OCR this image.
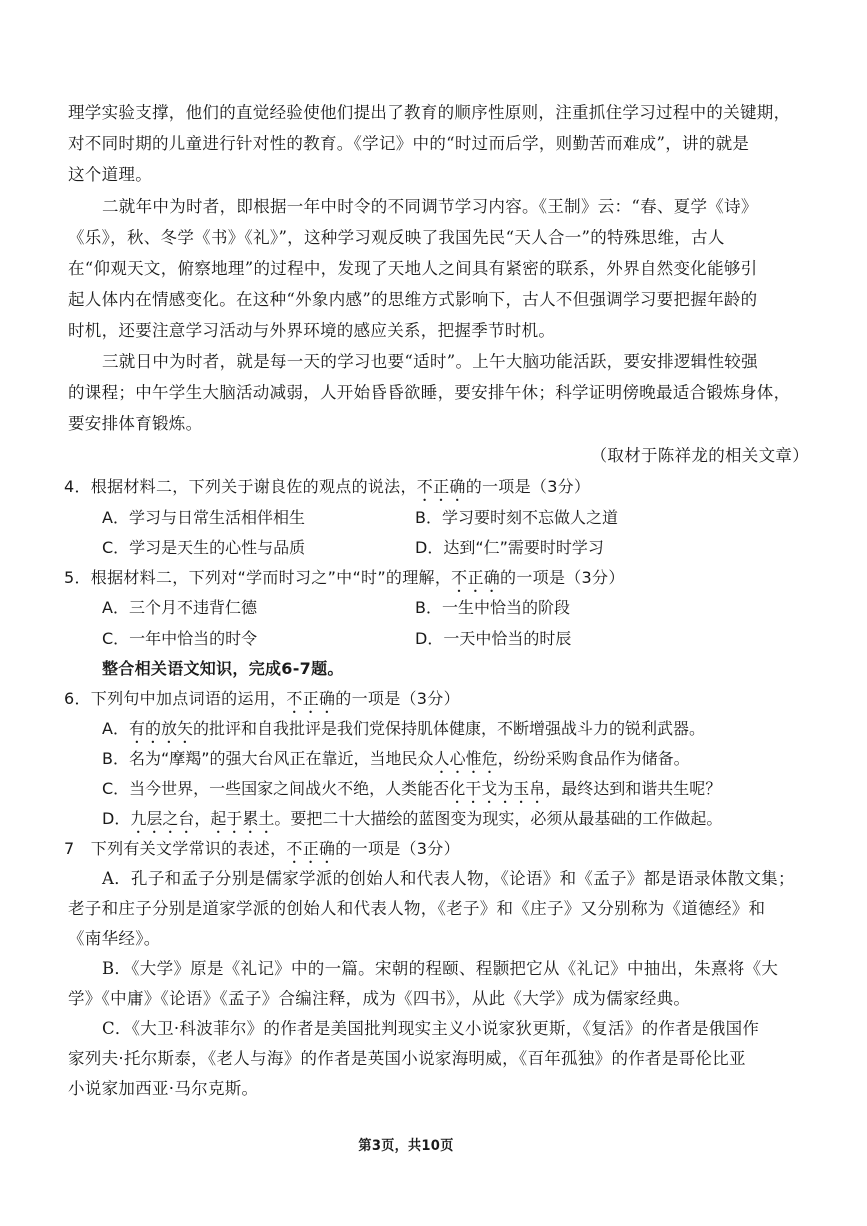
理学实验支撑，他们的直觉经验使他们提出了教育的顺序性原则，注重抓住学习过程中的关键期，
对不同时期的儿童进行针对性的教育。《学记》中的“时过而后学，则勤苦而难成”，讲的就是
这个道理。
二就年中为时者，即根据一年中时令的不同调节学习内容。《王制》云：“春、夏学《诗》
《乐》，秋、冬学《书》《礼》”，这种学习观反映了我国先民“天人合一”的特殊思维，古人
在“仰观天文，俯察地理”的过程中，发现了天地人之间具有紧密的联系，外界自然变化能够引
起人体内在情感变化。在这种“外象内感”的思维方式影响下，古人不但强调学习要把握年龄的
时机，还要注意学习活动与外界环境的感应关系，把握季节时机。
三就日中为时者，就是每一天的学习也要“适时”。上午大脑功能活跃，要安排逻辑性较强
的课程；中午学生大脑活动减弱，人开始昏昏欲睡，要安排午休；科学证明傍晚最适合锻炼身体，
要安排体育锻炼。
（取材于陈祥龙的相关文章）
4．根据材料二，下列关于谢良佐的观点的说法，不正确的一项是（3分）
A．学习与日常生活相伴相生	B．学习要时刻不忘做人之道
C．学习是天生的心性与品质	D．达到“仁”需要时时学习
5．根据材料二，下列对“学而时习之”中“时”的理解，不正确的一项是（3分）
A．三个月不违背仁德	B．一生中恰当的阶段
C．一年中恰当的时令	D．一天中恰当的时辰
整合相关语文知识，完成6-7题。
6．下列句中加点词语的运用，不正确的一项是（3分）
A．有的放矢的批评和自我批评是我们党保持肌体健康，不断增强战斗力的锐利武器。
B．名为“摩羯”的强大台风正在靠近，当地民众人心惟危，纷纷采购食品作为储备。
C．当今世界，一些国家之间战火不绝，人类能否化干戈为玉帛，最终达到和谐共生呢？
D．九层之台，起于累土。要把二十大描绘的蓝图变为现实，必须从最基础的工作做起。
7　下列有关文学常识的表述，不正确的一项是（3分）
A．孔子和孟子分别是儒家学派的创始人和代表人物，《论语》和《孟子》都是语录体散文集；
老子和庄子分别是道家学派的创始人和代表人物，《老子》和《庄子》又分别称为《道德经》和
《南华经》。
B．《大学》原是《礼记》中的一篇。宋朝的程颐、程颢把它从《礼记》中抽出，朱熹将《大
学》《中庸》《论语》《孟子》合编注释，成为《四书》，从此《大学》成为儒家经典。
C．《大卫·科波菲尔》的作者是美国批判现实主义小说家狄更斯，《复活》的作者是俄国作
家列夫·托尔斯泰，《老人与海》的作者是英国小说家海明威，《百年孤独》的作者是哥伦比亚
小说家加西亚·马尔克斯。
第3页，共10页
